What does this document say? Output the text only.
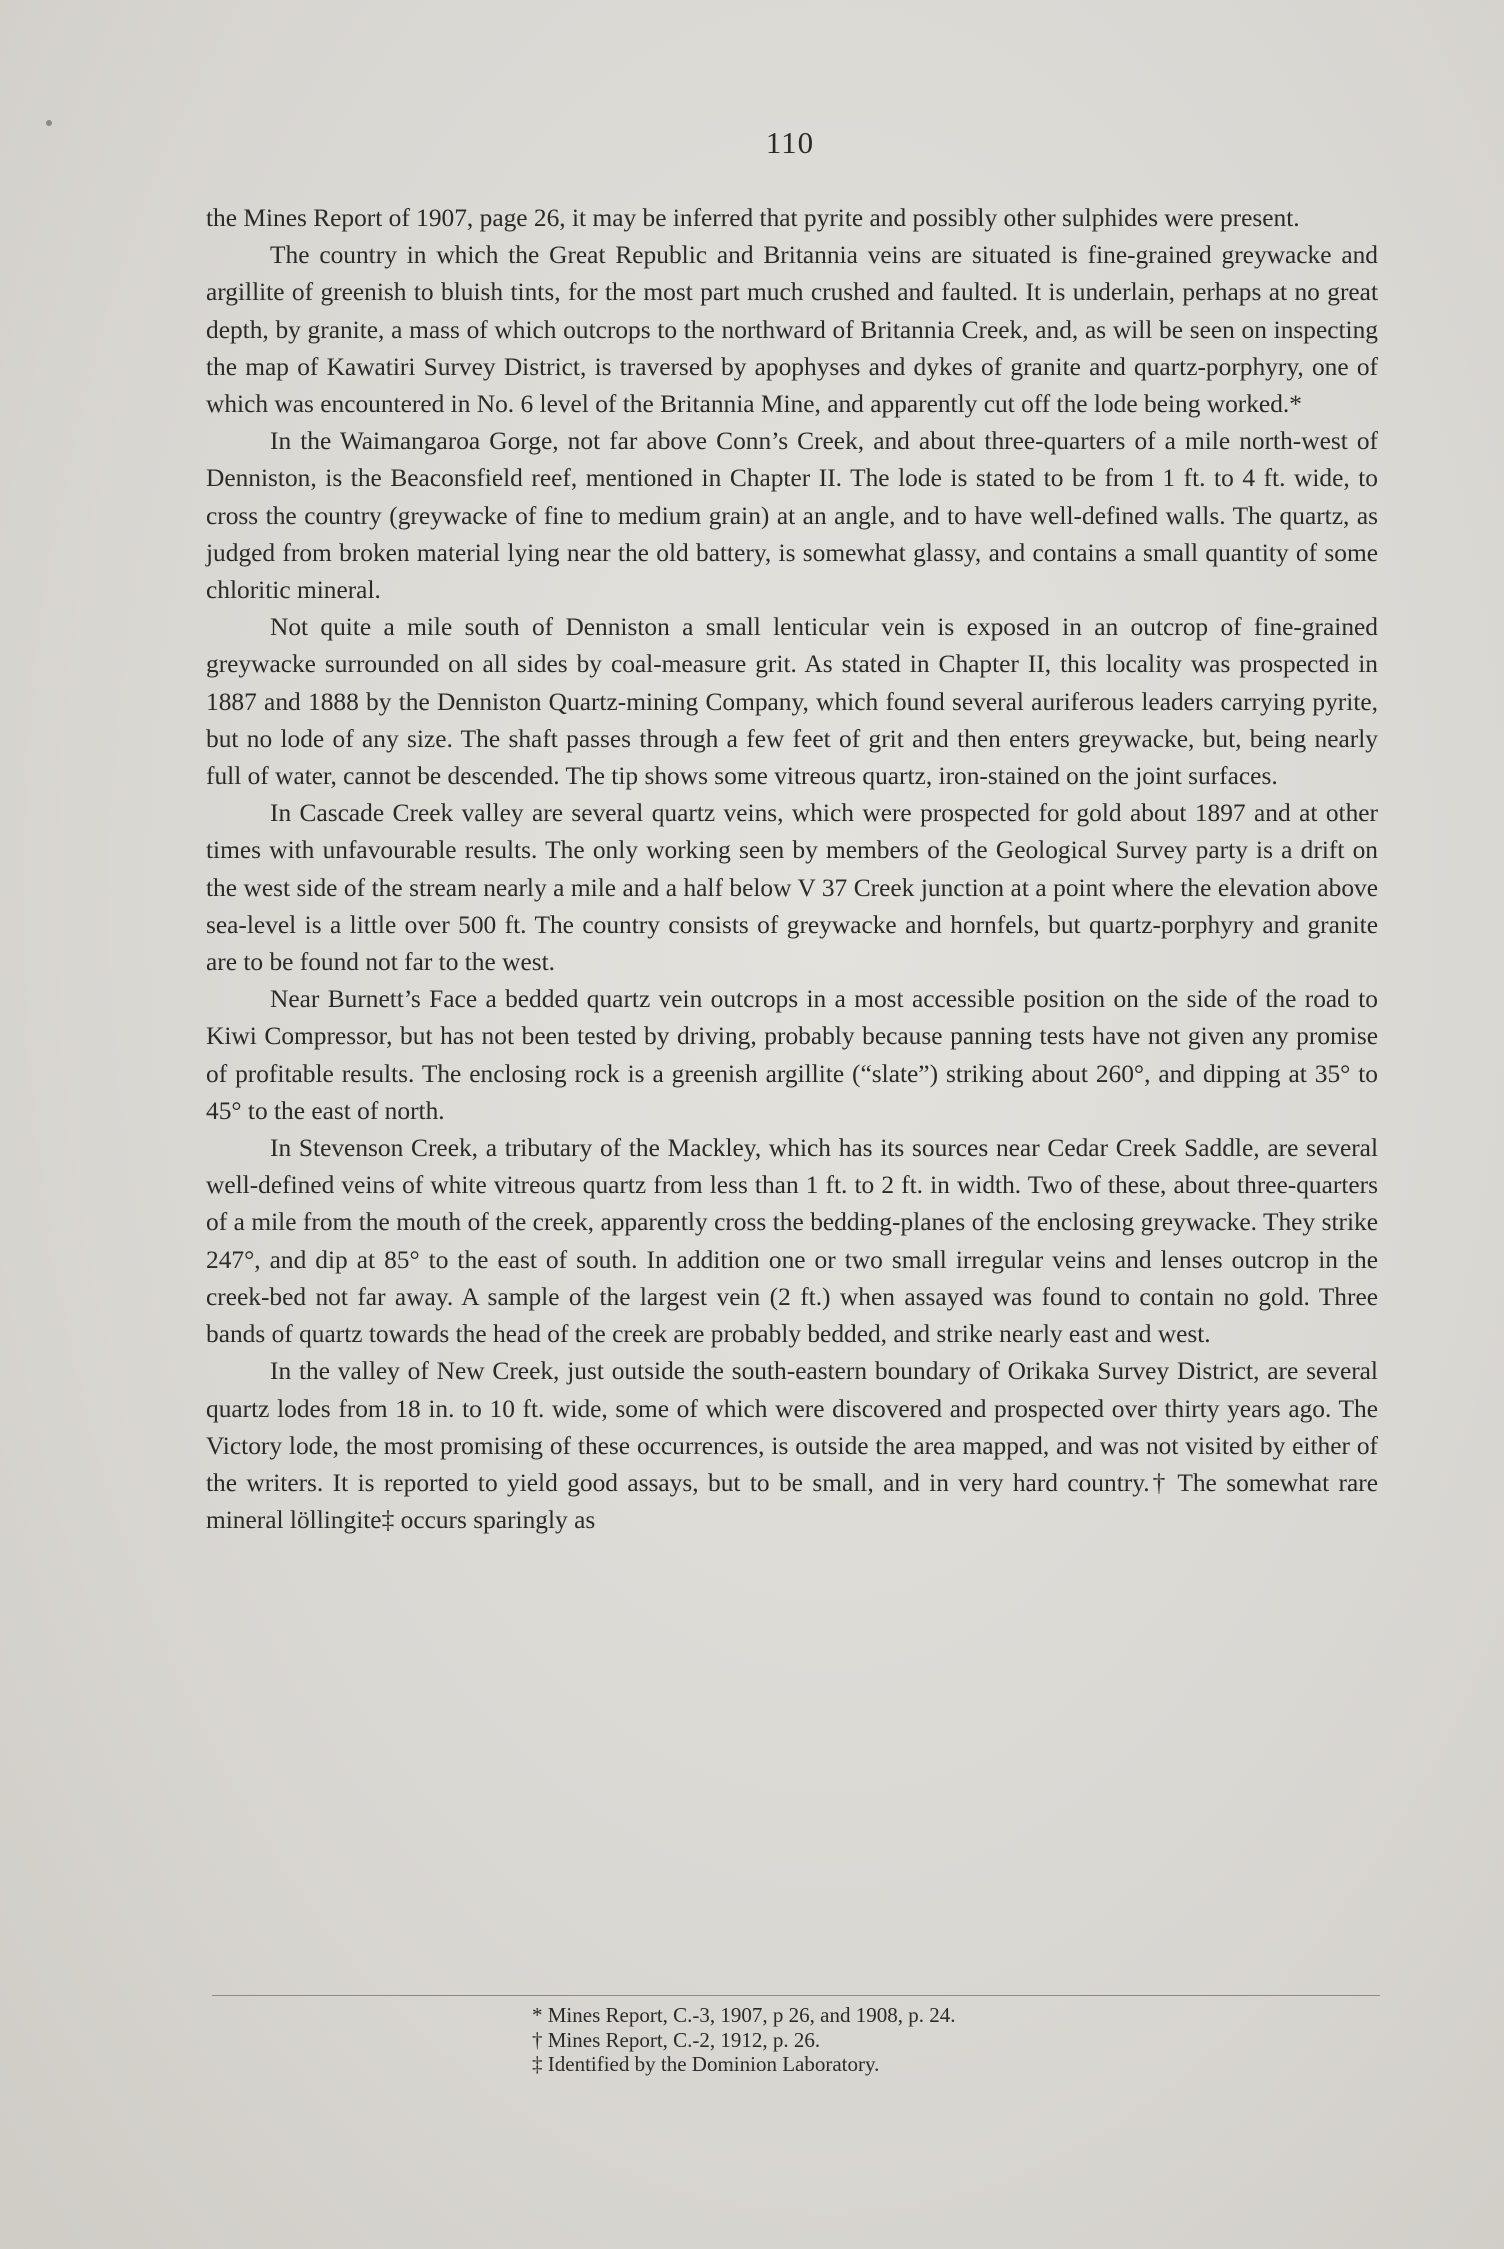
110

the Mines Report of 1907, page 26, it may be inferred that pyrite and possibly other sulphides were present.

The country in which the Great Republic and Britannia veins are situated is fine-grained greywacke and argillite of greenish to bluish tints, for the most part much crushed and faulted. It is underlain, perhaps at no great depth, by granite, a mass of which outcrops to the northward of Britannia Creek, and, as will be seen on inspecting the map of Kawatiri Survey District, is traversed by apophyses and dykes of granite and quartz-porphyry, one of which was encountered in No. 6 level of the Britannia Mine, and apparently cut off the lode being worked.*

In the Waimangaroa Gorge, not far above Conn’s Creek, and about three-quarters of a mile north-west of Denniston, is the Beaconsfield reef, mentioned in Chapter II. The lode is stated to be from 1 ft. to 4 ft. wide, to cross the country (greywacke of fine to medium grain) at an angle, and to have well-defined walls. The quartz, as judged from broken material lying near the old battery, is somewhat glassy, and contains a small quantity of some chloritic mineral.

Not quite a mile south of Denniston a small lenticular vein is exposed in an outcrop of fine-grained greywacke surrounded on all sides by coal-measure grit. As stated in Chapter II, this locality was prospected in 1887 and 1888 by the Denniston Quartz-mining Company, which found several auriferous leaders carrying pyrite, but no lode of any size. The shaft passes through a few feet of grit and then enters greywacke, but, being nearly full of water, cannot be descended. The tip shows some vitreous quartz, iron-stained on the joint surfaces.

In Cascade Creek valley are several quartz veins, which were prospected for gold about 1897 and at other times with unfavourable results. The only working seen by members of the Geological Survey party is a drift on the west side of the stream nearly a mile and a half below V 37 Creek junction at a point where the elevation above sea-level is a little over 500 ft. The country consists of greywacke and hornfels, but quartz-porphyry and granite are to be found not far to the west.

Near Burnett’s Face a bedded quartz vein outcrops in a most accessible position on the side of the road to Kiwi Compressor, but has not been tested by driving, probably because panning tests have not given any promise of profitable results. The enclosing rock is a greenish argillite (“slate”) striking about 260°, and dipping at 35° to 45° to the east of north.

In Stevenson Creek, a tributary of the Mackley, which has its sources near Cedar Creek Saddle, are several well-defined veins of white vitreous quartz from less than 1 ft. to 2 ft. in width. Two of these, about three-quarters of a mile from the mouth of the creek, apparently cross the bedding-planes of the enclosing greywacke. They strike 247°, and dip at 85° to the east of south. In addition one or two small irregular veins and lenses outcrop in the creek-bed not far away. A sample of the largest vein (2 ft.) when assayed was found to contain no gold. Three bands of quartz towards the head of the creek are probably bedded, and strike nearly east and west.

In the valley of New Creek, just outside the south-eastern boundary of Orikaka Survey District, are several quartz lodes from 18 in. to 10 ft. wide, some of which were discovered and prospected over thirty years ago. The Victory lode, the most promising of these occurrences, is outside the area mapped, and was not visited by either of the writers. It is reported to yield good assays, but to be small, and in very hard country.† The somewhat rare mineral löllingite‡ occurs sparingly as

* Mines Report, C.-3, 1907, p 26, and 1908, p. 24.
† Mines Report, C.-2, 1912, p. 26.
‡ Identified by the Dominion Laboratory.
